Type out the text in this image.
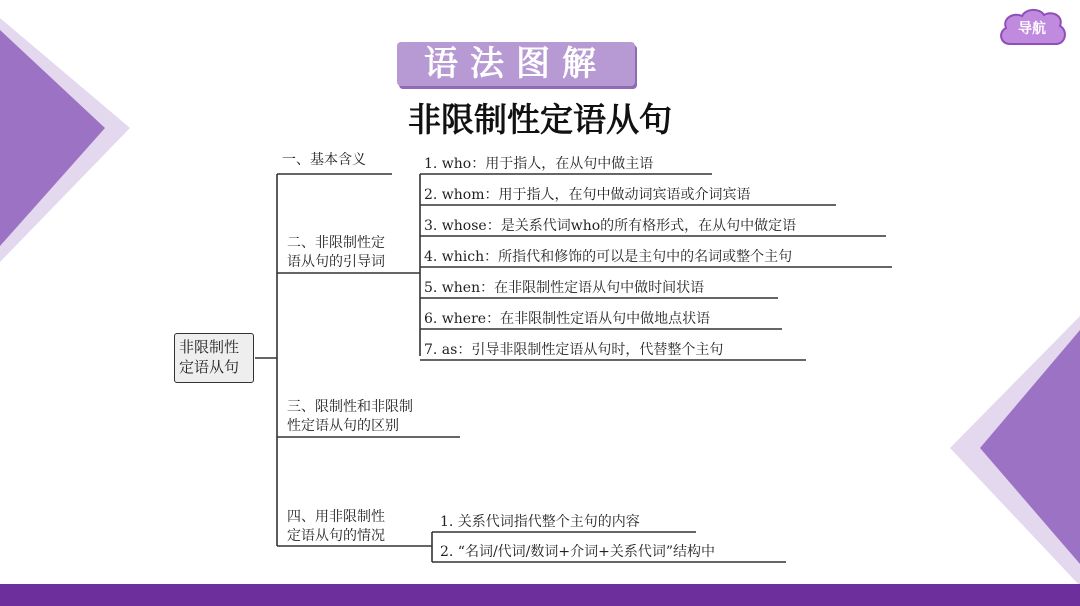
导航
语法图解
非限制性定语从句
非限制性定语从句
一、基本含义
二、非限制性定
语从句的引导词
三、限制性和非限制
性定语从句的区别
四、用非限制性
定语从句的情况
1. who：用于指人，在从句中做主语
2. whom：用于指人，在句中做动词宾语或介词宾语
3. whose：是关系代词who的所有格形式，在从句中做定语
4. which：所指代和修饰的可以是主句中的名词或整个主句
5. when：在非限制性定语从句中做时间状语
6. where：在非限制性定语从句中做地点状语
7. as：引导非限制性定语从句时，代替整个主句
1. 关系代词指代整个主句的内容
2. “名词/代词/数词+介词+关系代词”结构中
